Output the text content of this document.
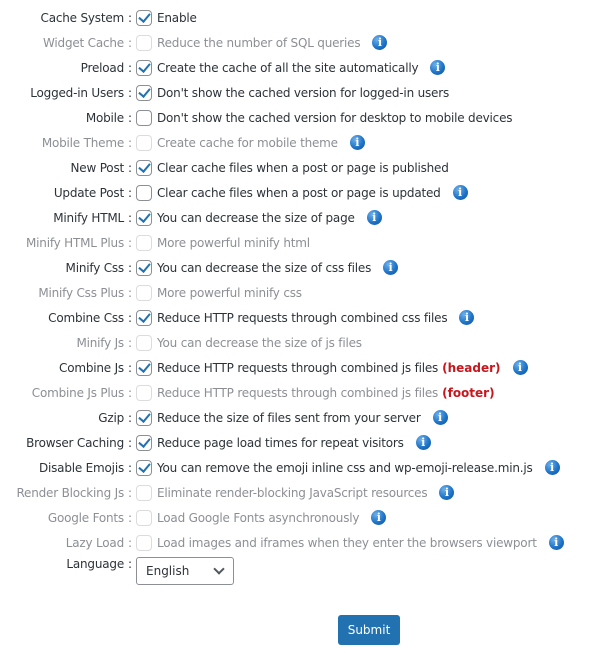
Cache System :	Enable
Widget Cache :	Reduce the number of SQL queries	i
Preload :	Create the cache of all the site automatically	i
Logged-in Users :	Don't show the cached version for logged-in users
Mobile :	Don't show the cached version for desktop to mobile devices
Mobile Theme :	Create cache for mobile theme	i
New Post :	Clear cache files when a post or page is published
Update Post :	Clear cache files when a post or page is updated	i
Minify HTML :	You can decrease the size of page	i
Minify HTML Plus :	More powerful minify html
Minify Css :	You can decrease the size of css files	i
Minify Css Plus :	More powerful minify css
Combine Css :	Reduce HTTP requests through combined css files	i
Minify Js :	You can decrease the size of js files
Combine Js :	Reduce HTTP requests through combined js files (header)	i
Combine Js Plus :	Reduce HTTP requests through combined js files (footer)
Gzip :	Reduce the size of files sent from your server	i
Browser Caching :	Reduce page load times for repeat visitors	i
Disable Emojis :	You can remove the emoji inline css and wp-emoji-release.min.js	i
Render Blocking Js :	Eliminate render-blocking JavaScript resources	i
Google Fonts :	Load Google Fonts asynchronously	i
Lazy Load :	Load images and iframes when they enter the browsers viewport	i
Language :	English
Submit
